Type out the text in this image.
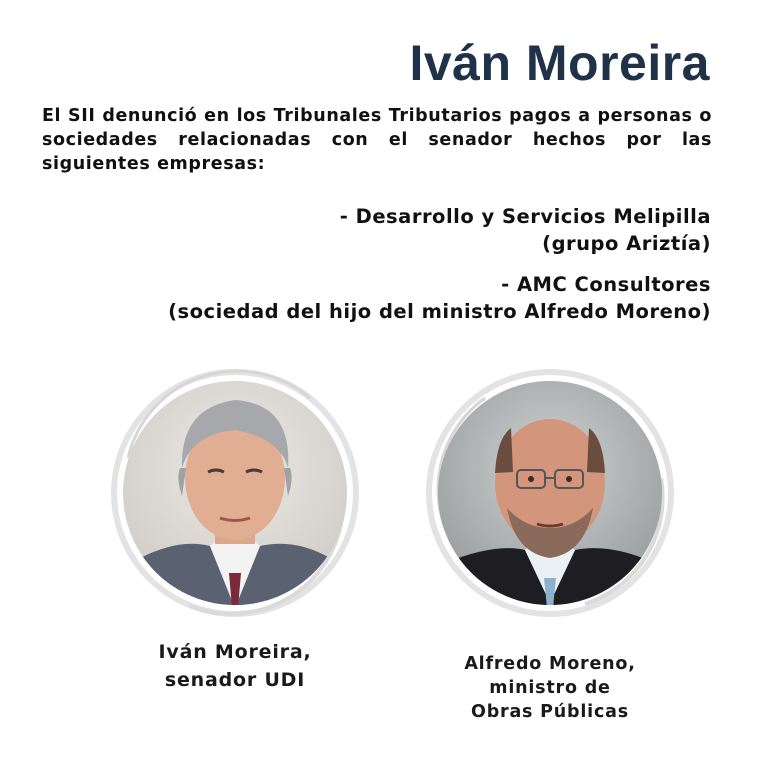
Iván Moreira

El SII denunció en los Tribunales Tributarios pagos a personas o sociedades relacionadas con el senador hechos por las siguientes empresas:

- Desarrollo y Servicios Melipilla
(grupo Ariztía)
- AMC Consultores
(sociedad del hijo del ministro Alfredo Moreno)
Iván Moreira,
senador UDI
Alfredo Moreno,
ministro de
Obras Públicas
